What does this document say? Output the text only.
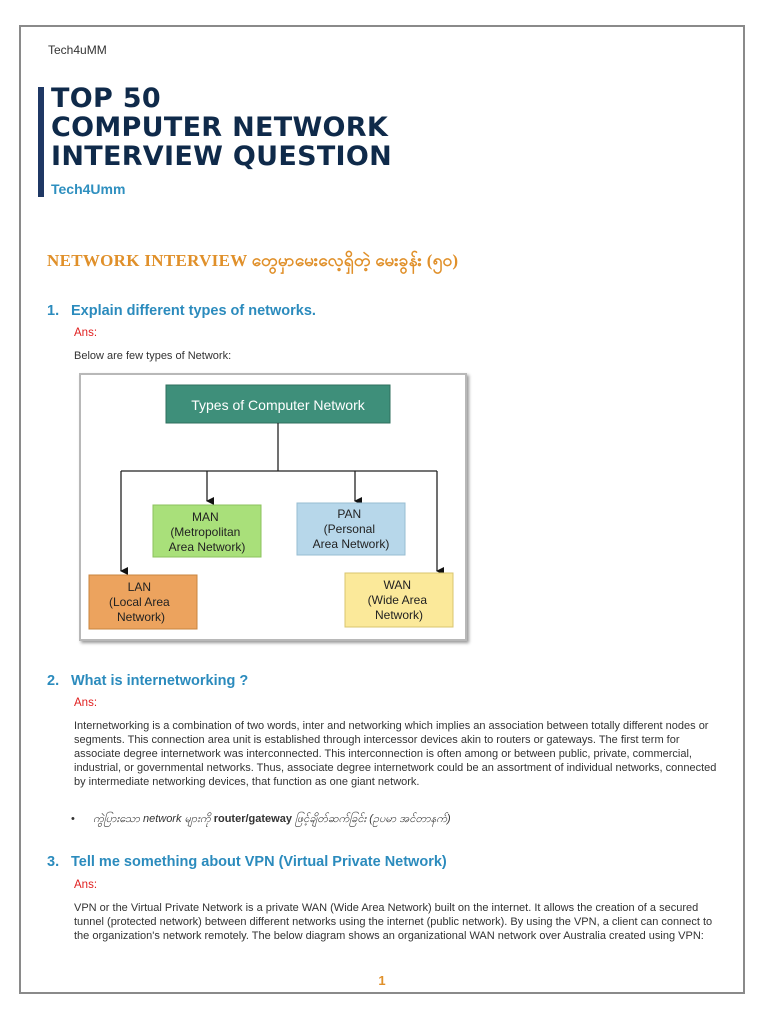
Tech4uMM
TOP 50
COMPUTER NETWORK
INTERVIEW QUESTION
Tech4Umm
NETWORK INTERVIEW တွေမှာမေးလေ့ရှိတဲ့ မေးခွန်း (၅၀)
1. Explain different types of networks.
Ans:
Below are few types of Network:
Types of Computer Network
MAN (Metropolitan Area Network)
PAN (Personal Area Network)
LAN (Local Area Network)
WAN (Wide Area Network)
2. What is internetworking ?
Ans:
Internetworking is a combination of two words, inter and networking which implies an association between totally different nodes or segments. This connection area unit is established through intercessor devices akin to routers or gateways. The first term for associate degree internetwork was interconnected. This interconnection is often among or between public, private, commercial, industrial, or governmental networks. Thus, associate degree internetwork could be an assortment of individual networks, connected by intermediate networking devices, that function as one giant network.
• ကွဲပြားသော network များကို router/gateway ဖြင့်ချိတ်ဆက်ခြင်း (ဥပမာ အင်တာနက်)
3. Tell me something about VPN (Virtual Private Network)
Ans:
VPN or the Virtual Private Network is a private WAN (Wide Area Network) built on the internet. It allows the creation of a secured tunnel (protected network) between different networks using the internet (public network). By using the VPN, a client can connect to the organization's network remotely. The below diagram shows an organizational WAN network over Australia created using VPN:
1
